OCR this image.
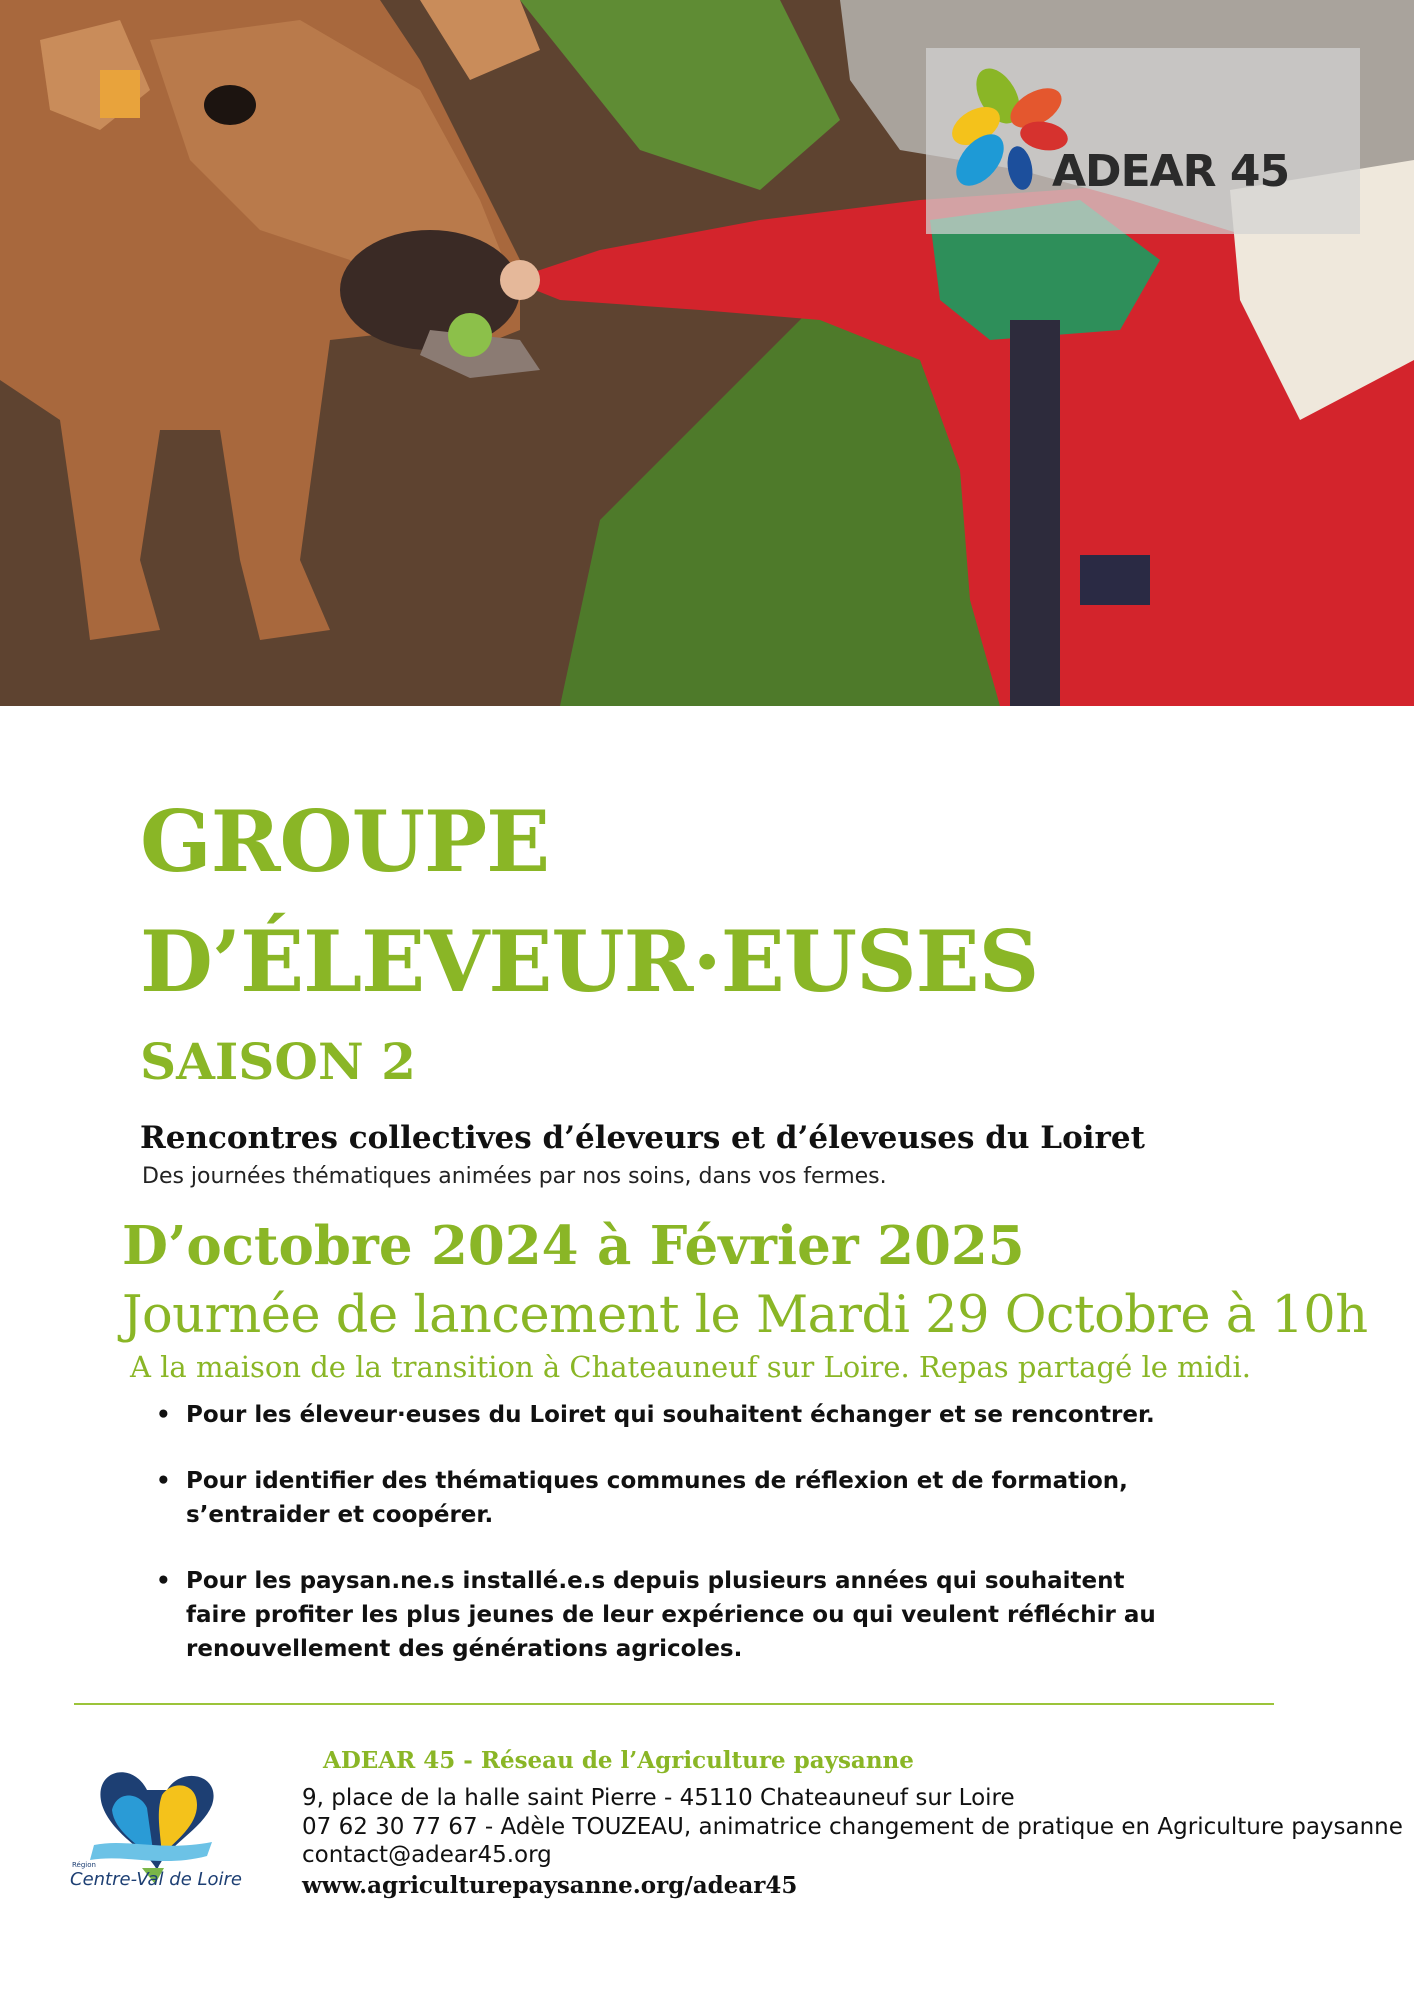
ADEAR 45
GROUPE
D’ÉLEVEUR·EUSES
SAISON 2

Rencontres collectives d’éleveurs et d’éleveuses du Loiret

Des journées thématiques animées par nos soins, dans vos fermes.

D’octobre 2024 à Février 2025

Journée de lancement le Mardi 29 Octobre à 10h

A la maison de la transition à Chateauneuf sur Loire. Repas partagé le midi.

• Pour les éleveur·euses du Loiret qui souhaitent échanger et se rencontrer.
• Pour identifier des thématiques communes de réflexion et de formation, s’entraider et coopérer.
• Pour les paysan.ne.s installé.e.s depuis plusieurs années qui souhaitent faire profiter les plus jeunes de leur expérience ou qui veulent réfléchir au renouvellement des générations agricoles.
Région
Centre-Val de Loire

ADEAR 45 - Réseau de l’Agriculture paysanne

9, place de la halle saint Pierre - 45110 Chateauneuf sur Loire

07 62 30 77 67 - Adèle TOUZEAU, animatrice changement de pratique en Agriculture paysanne

contact@adear45.org
www.agriculturepaysanne.org/adear45
